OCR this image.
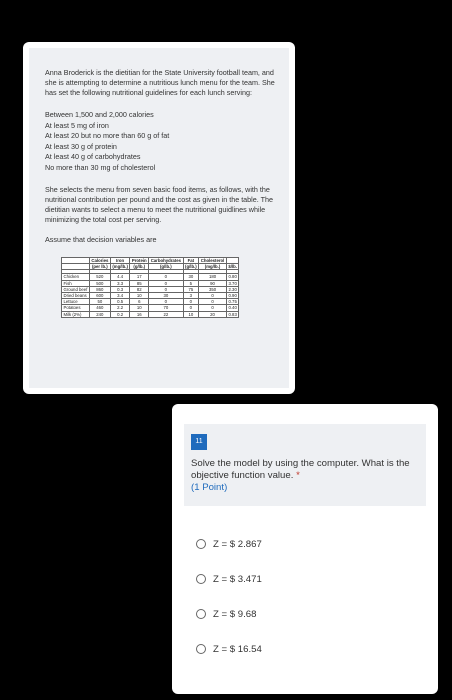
Anna Broderick is the dietitian for the State University football team, and she is attempting to determine a nutritious lunch menu for the team. She has set the following nutritional guidelines for each lunch serving:

Between 1,500 and 2,000 calories
At least 5 mg of iron
At least 20 but no more than 60 g of fat
At least 30 g of protein
At least 40 g of carbohydrates
No more than 30 mg of cholesterol

She selects the menu from seven basic food items, as follows, with the nutritional contribution per pound and the cost as given in the table. The dietitian wants to select a menu to meet the nutritional guidlines while minimizing the total cost per serving.

Assume that decision variables are

	Calories	Iron	Protein	Carbohydrates	Fat	Cholesterol	
	(per lb.)	(mg/lb.)	(g/lb.)	(g/lb.)	(g/lb.)	(mg/lb.)	$/lb.

Chicken	520	4.4	17	0	30	180	0.80
Fish	500	3.3	85	0	5	90	3.70
Ground beef	860	0.3	82	0	75	350	2.30
Dried beans	600	3.4	10	30	3	0	0.90
Lettuce	50	0.5	6	0	0	0	0.75
Potatoes	460	2.2	10	70	0	0	0.40
Milk (2%)	240	0.2	16	22	10	20	0.83
11
Solve the model by using the computer. What is the objective function value. *
(1 Point)
Z = $ 2.867
Z = $ 3.471
Z = $ 9.68
Z = $ 16.54
